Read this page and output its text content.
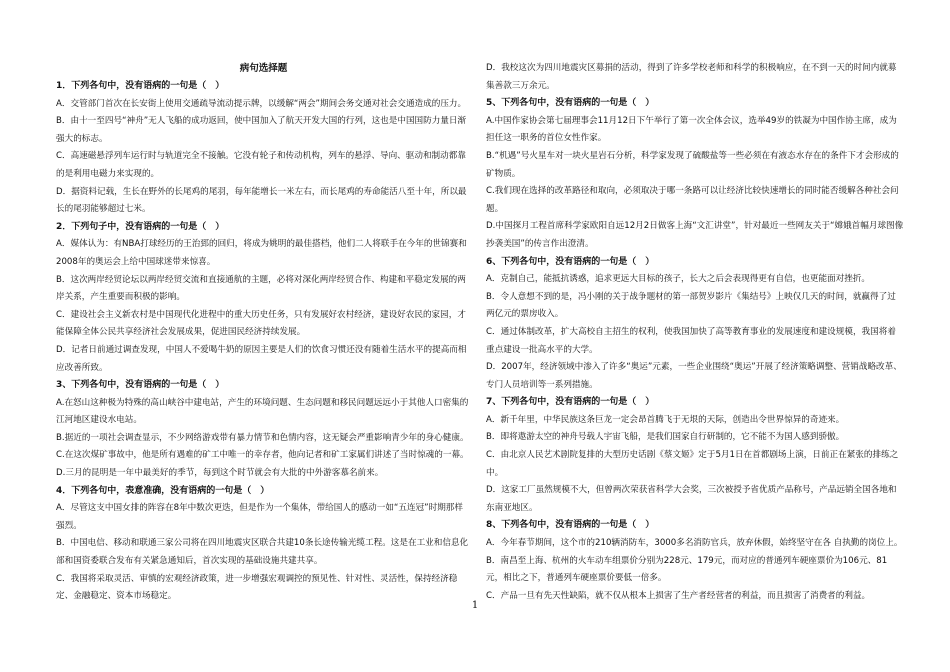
病句选择题
1．下列各句中，没有语病的一句是（　）
A．交管部门首次在长安街上使用交通疏导流动提示牌，以缓解“两会”期间会务交通对社会交通造成的压力。
B．由十一至四号“神舟”无人飞船的成功返回，使中国加入了航天开发大国的行列，这也是中国国防力量日渐强大的标志。
C．高速磁悬浮列车运行时与轨道完全不接触。它没有轮子和传动机构，列车的悬浮、导向、驱动和制动都靠的是利用电磁力来实现的。
D．据资料记载，生长在野外的长尾鸡的尾羽，每年能增长一米左右，而长尾鸡的寿命能活八至十年，所以最长的尾羽能够超过七米。
2．下列句子中，没有语病的一句是（　）
A．媒体认为：有NBA打球经历的王治郅的回归，将成为姚明的最佳搭档，他们二人将联手在今年的世锦赛和2008年的奥运会上给中国球迷带来惊喜。
B．这次两岸经贸论坛以两岸经贸交流和直接通航的主题，必将对深化两岸经贸合作、构建和平稳定发展的两岸关系，产生重要而积极的影响。
C．建设社会主义新农村是中国现代化进程中的重大历史任务，只有发展好农村经济，建设好农民的家园，才能保障全体公民共享经济社会发展成果，促进国民经济持续发展。
D．记者日前通过调查发现，中国人不爱喝牛奶的原因主要是人们的饮食习惯还没有随着生活水平的提高而相应改善所致。
3、下列各句中，没有语病的一句是（　）
A.在怒山这种极为特殊的高山峡谷中建电站，产生的环境问题、生态问题和移民问题远远小于其他人口密集的江河地区建设水电站。
B.据近的一项社会调查显示，不少网络游戏带有暴力情节和色情内容，这无疑会严重影响青少年的身心健康。
C.在这次煤矿事故中，他是所有遇难的矿工中唯一的幸存者，他向记者和矿工家属们讲述了当时惊魂的一幕。
D.三月的昆明是一年中最美好的季节，每到这个时节就会有大批的中外游客慕名前来。
4．下列各句中，表意准确，没有语病的一句是（　）
A．尽管这支中国女排的阵容在8年中数次更迭，但是作为一个集体，带给国人的感动一如“五连冠”时期那样强烈。
B．中国电信、移动和联通三家公司将在四川地震灾区联合共建10条长途传输光缆工程。这是在工业和信息化部和国资委联合发布有关紧急通知后，首次实现的基础设施共建共享。
C．我国将采取灵活、审慎的宏观经济政策，进一步增强宏观调控的预见性、针对性、灵活性，保持经济稳定、金融稳定、资本市场稳定。
D．我校这次为四川地震灾区募捐的活动，得到了许多学校老师和科学的积极响应，在不到一天的时间内就募集善款三万余元。
5、下列各句中，没有语病的一句是（　）
A.中国作家协会第七届理事会11月12日下午举行了第一次全体会议，选举49岁的铁凝为中国作协主席，成为担任这一职务的首位女性作家。
B.“机遇”号火星车对一块火星岩石分析，科学家发现了硫酸盐等一些必须在有液态水存在的条件下才会形成的矿物质。
C.我们现在选择的改革路径和取向，必须取决于哪一条路可以让经济比较快速增长的同时能否缓解各种社会问题。
D.中国探月工程首席科学家欧阳自远12月2日做客上海“文汇讲堂”，针对最近一些网友关于“嫦娥首幅月球图像抄袭美国”的传言作出澄清。
6、下列各句中，没有语病的一句是（　）
A．克制自己，能抵抗诱惑，追求更远大目标的孩子，长大之后会表现得更有自信，也更能面对挫折。
B．令人意想不到的是，冯小刚的关于战争题材的第一部贺岁影片《集结号》上映仅几天的时间，就赢得了过两亿元的票房收入。
C．通过体制改革，扩大高校自主招生的权利，使我国加快了高等教育事业的发展速度和建设规模，我国将着重点建设一批高水平的大学。
D．2007年，经济领域中渗入了许多“奥运”元素，一些企业围绕“奥运”开展了经济策略调整、营销战略改革、专门人员培训等一系列措施。
7、下列各句中，没有语病的一句是（　）
A．新千年里，中华民族这条巨龙一定会昂首腾飞于无垠的天际，创造出令世界惊异的奇迹来。
B．即将遨游太空的神舟号载人宇宙飞船，是我们国家自行研制的，它不能不为国人感到骄傲。
C．由北京人民艺术剧院复排的大型历史话剧《蔡文姬》定于5月1日在首都剧场上演，日前正在紧张的排练之中。
D．这家工厂虽然规模不大，但曾两次荣获省科学大会奖，三次被授予省优质产品称号，产品远销全国各地和东南亚地区。
8、下列各句中，没有语病的一句是（　）
A．今年春节期间，这个市的210辆消防车，3000多名消防官兵，放弃休假，始终坚守在各 自执勤的岗位上。
B．南昌至上海、杭州的火车动车组票价分别为228元、179元，而对应的普通列车硬座票价为106元、81元，相比之下，普通列车硬座票价要低一倍多。
C．产品一旦有先天性缺陷，就不仅从根本上损害了生产者经营者的利益，而且损害了消费者的利益。
1
